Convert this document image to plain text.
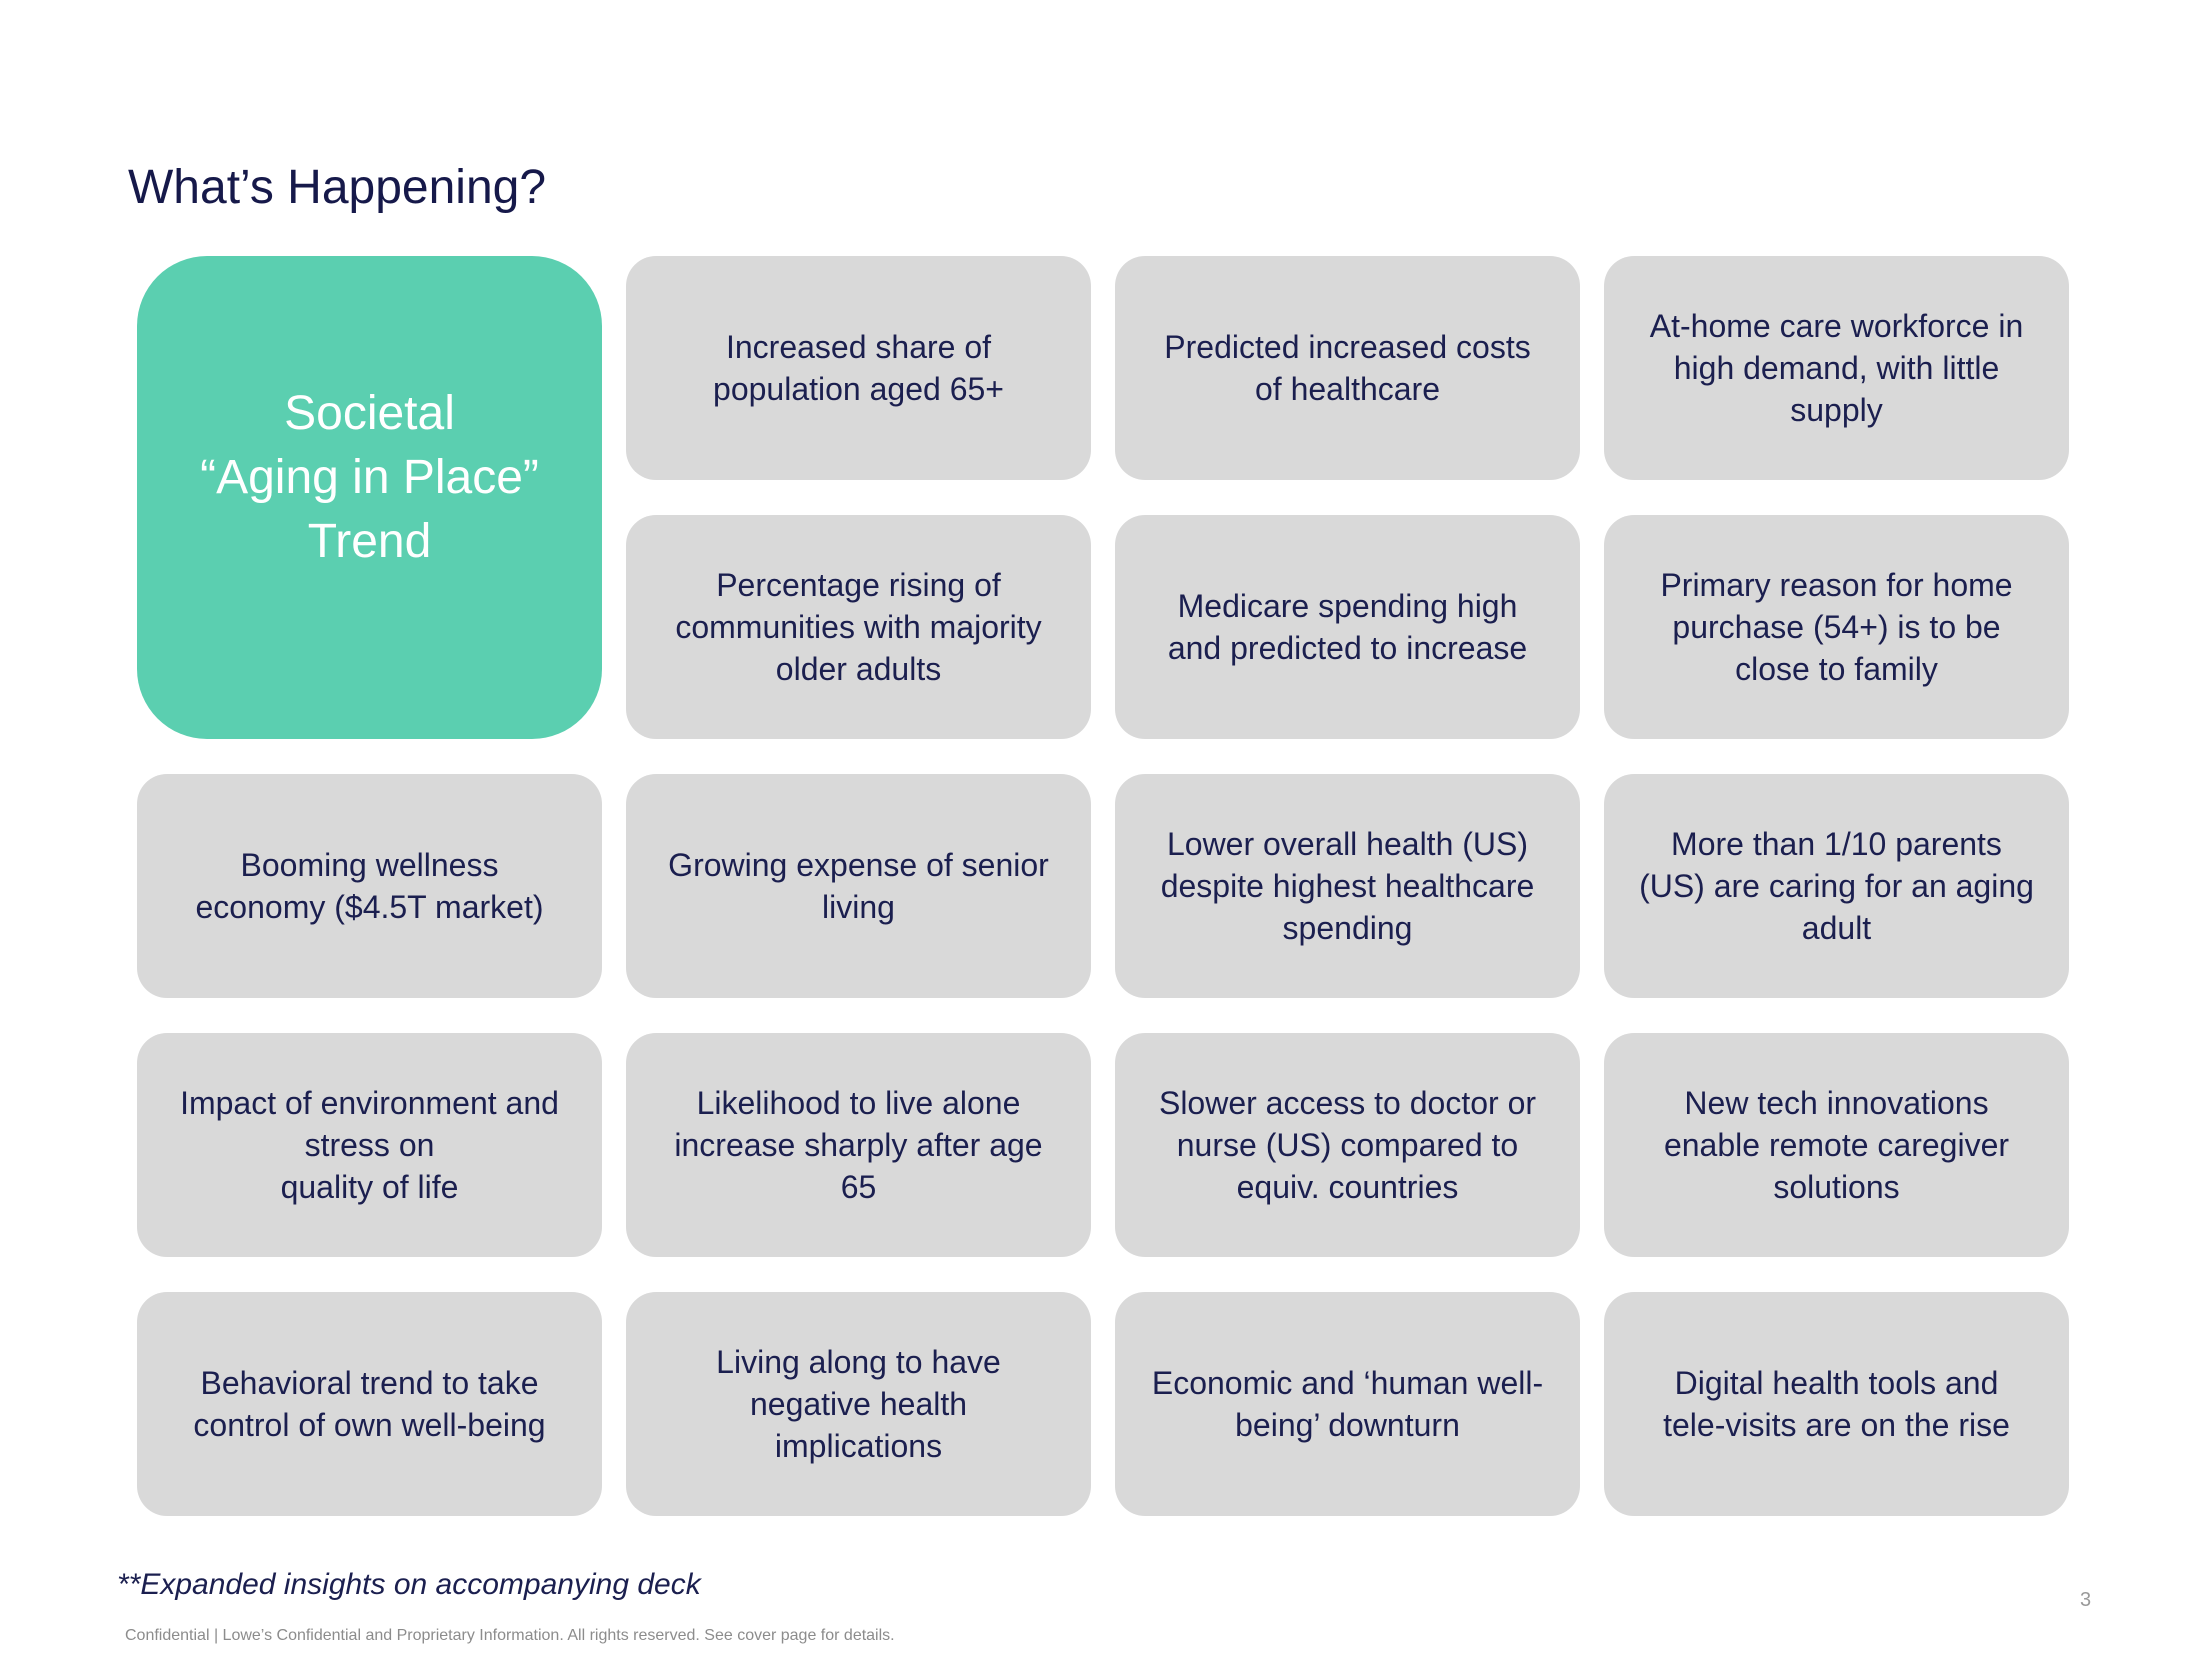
What’s Happening?
Societal
“Aging in Place”
Trend
Increased share of
population aged 65+
Predicted increased costs
of healthcare
At-home care workforce in
high demand, with little
supply
Percentage rising of
communities with majority
older adults
Medicare spending high
and predicted to increase
Primary reason for home
purchase (54+) is to be
close to family
Booming wellness
economy ($4.5T market)
Growing expense of senior
living
Lower overall health (US)
despite highest healthcare
spending
More than 1/10 parents
(US) are caring for an aging
adult
Impact of environment and
stress on
quality of life
Likelihood to live alone
increase sharply after age
65
Slower access to doctor or
nurse (US) compared to
equiv. countries
New tech innovations
enable remote caregiver
solutions
Behavioral trend to take
control of own well-being
Living along to have
negative health
implications
Economic and ‘human well-
being’ downturn
Digital health tools and
tele-visits are on the rise
**Expanded insights on accompanying deck
Confidential | Lowe’s Confidential and Proprietary Information. All rights reserved. See cover page for details.
3
